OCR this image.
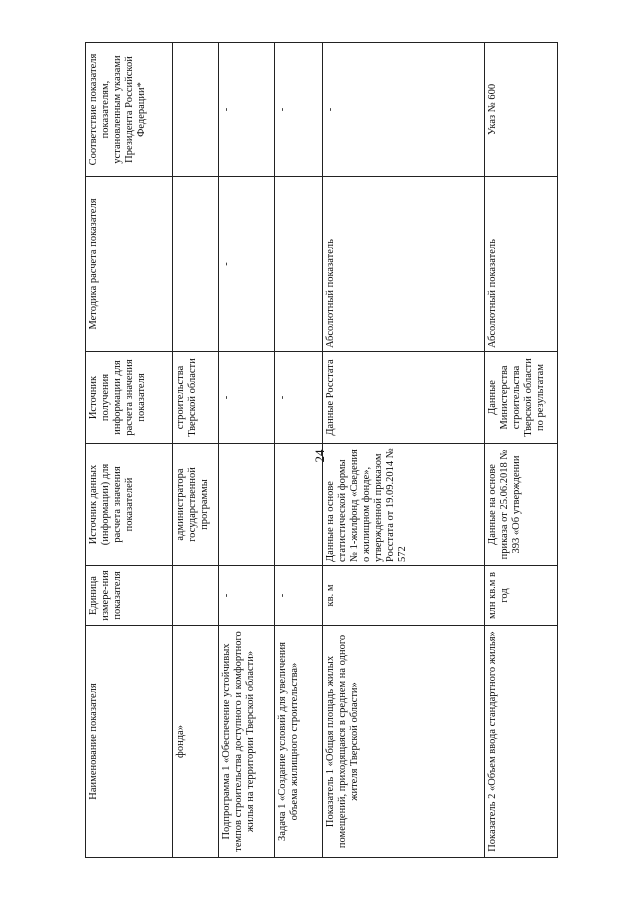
24
Наименование показателя	Единица измере-ния показателя	Источник данных (информации) для расчета значения показателей	Источник получения информации для расчета значения показателя	Методика расчета показателя	Соответствие показателя показателям, установленным указами Президента Российской Федерации*
фонда»		администратора государственной программы	строительства Тверской области		
Подпрограмма 1 «Обеспечение устойчивых темпов строительства доступного и комфортного жилья на территории Тверской области»	-		-	-	-
Задача 1 «Создание условий для увеличения объема жилищного строительства»	-		-		-
Показатель 1 «Общая площадь жилых помещений, приходящаяся в среднем на одного жителя Тверской области»	кв. м	Данные на основе статистической формы № 1-жилфонд «Сведения о жилищном фонде», утвержденной приказом Росстата от 19.09.2014 № 572	Данные Росстата	Абсолютный показатель	-
Показатель 2 «Объем ввода стандартного жилья»	млн кв.м в год	Данные на основе приказа от 25.06.2018 № 393 «Об утверждении	Данные Министерства строительства Тверской области по результатам	Абсолютный показатель	Указ № 600
